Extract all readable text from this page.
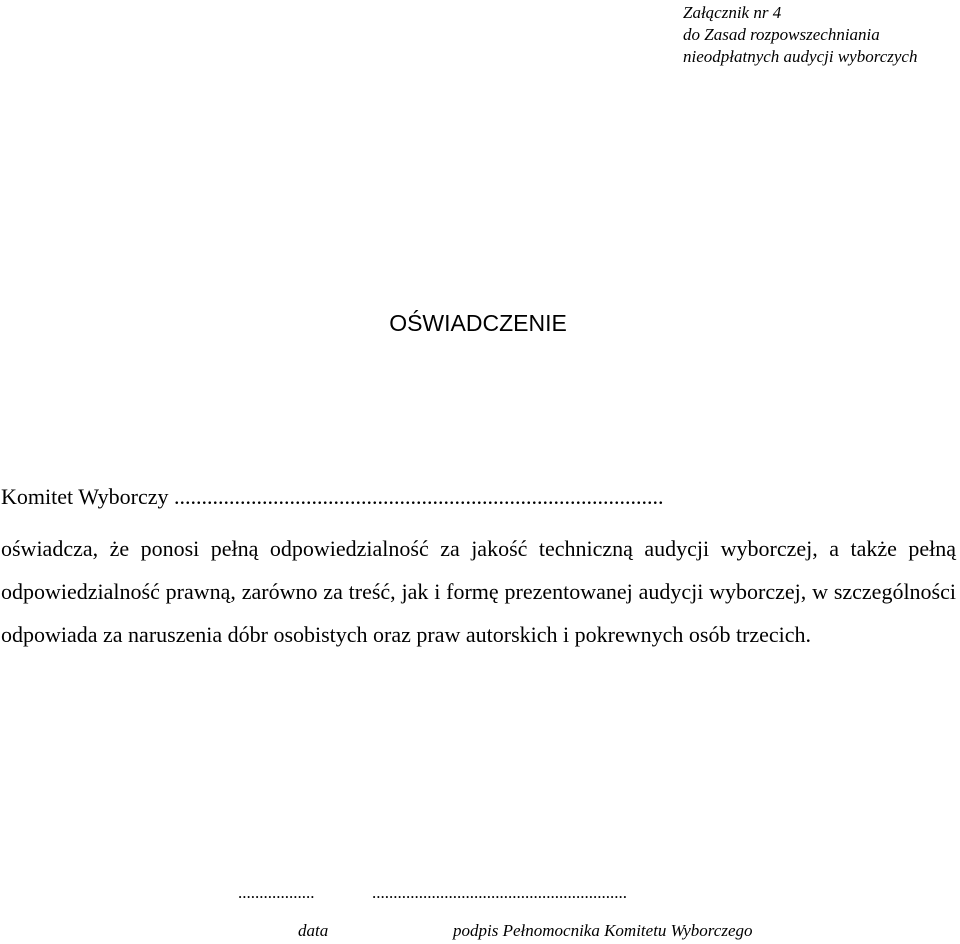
Załącznik nr 4
do Zasad rozpowszechniania
nieodpłatnych audycji wyborczych
OŚWIADCZENIE
Komitet Wyborczy .........................................................................................
oświadcza, że ponosi pełną odpowiedzialność za jakość techniczną audycji wyborczej, a także pełną odpowiedzialność prawną, zarówno za treść, jak i formę prezentowanej audycji wyborczej, w szczególności odpowiada za naruszenia dóbr osobistych oraz praw autorskich i pokrewnych osób trzecich.
..................	............................................................
data	podpis Pełnomocnika Komitetu Wyborczego
